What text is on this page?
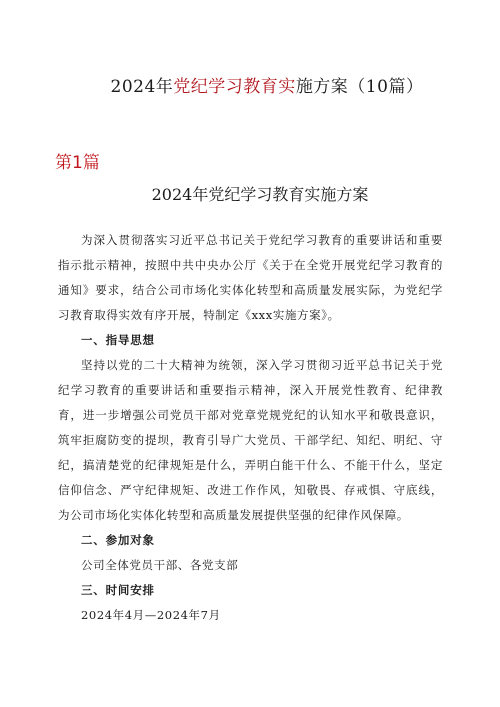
2024年党纪学习教育实施方案（10篇）
第1篇
2024年党纪学习教育实施方案

为深入贯彻落实习近平总书记关于党纪学习教育的重要讲话和重要指示批示精神，按照中共中央办公厅《关于在全党开展党纪学习教育的通知》要求，结合公司市场化实体化转型和高质量发展实际，为党纪学习教育取得实效有序开展，特制定《xxx实施方案》。

一、指导思想

坚持以党的二十大精神为统领，深入学习贯彻习近平总书记关于党纪学习教育的重要讲话和重要指示精神，深入开展党性教育、纪律教育，进一步增强公司党员干部对党章党规党纪的认知水平和敬畏意识，筑牢拒腐防变的提坝，教育引导广大党员、干部学纪、知纪、明纪、守纪，搞清楚党的纪律规矩是什么，弄明白能干什么、不能干什么，坚定信仰信念、严守纪律规矩、改进工作作风，知敬畏、存戒惧、守底线，为公司市场化实体化转型和高质量发展提供坚强的纪律作风保障。

二、参加对象

公司全体党员干部、各党支部

三、时间安排

2024年4月—2024年7月
